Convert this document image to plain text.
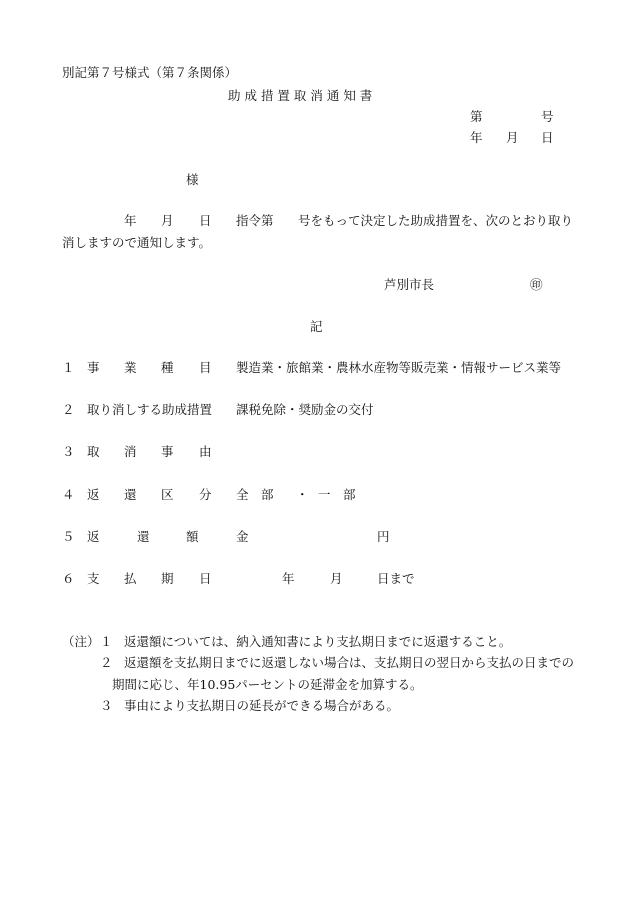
別記第７号様式（第７条関係）
助 成 措 置 取 消 通 知 書
第	号
年 月 日
様
年 月 日 指令第 号をもって決定した助成措置を、次のとおり取り
消しますので通知します。
芦別市長	㊞
記
１ 事 業 種 目 製造業・旅館業・農林水産物等販売業・情報サービス業等
２ 取り消しする助成措置 課税免除・奨励金の交付
３ 取 消 事 由
４ 返 還 区 分 全　部 ・ 一　部
５ 返	還	額	金	円
６ 支 払 期 日	年	月	日まで
（注） １ 返還額については、納入通知書により支払期日までに返還すること。
２ 返還額を支払期日までに返還しない場合は、支払期日の翌日から支払の日までの
期間に応じ、年10.95パーセントの延滞金を加算する。
３ 事由により支払期日の延長ができる場合がある。
